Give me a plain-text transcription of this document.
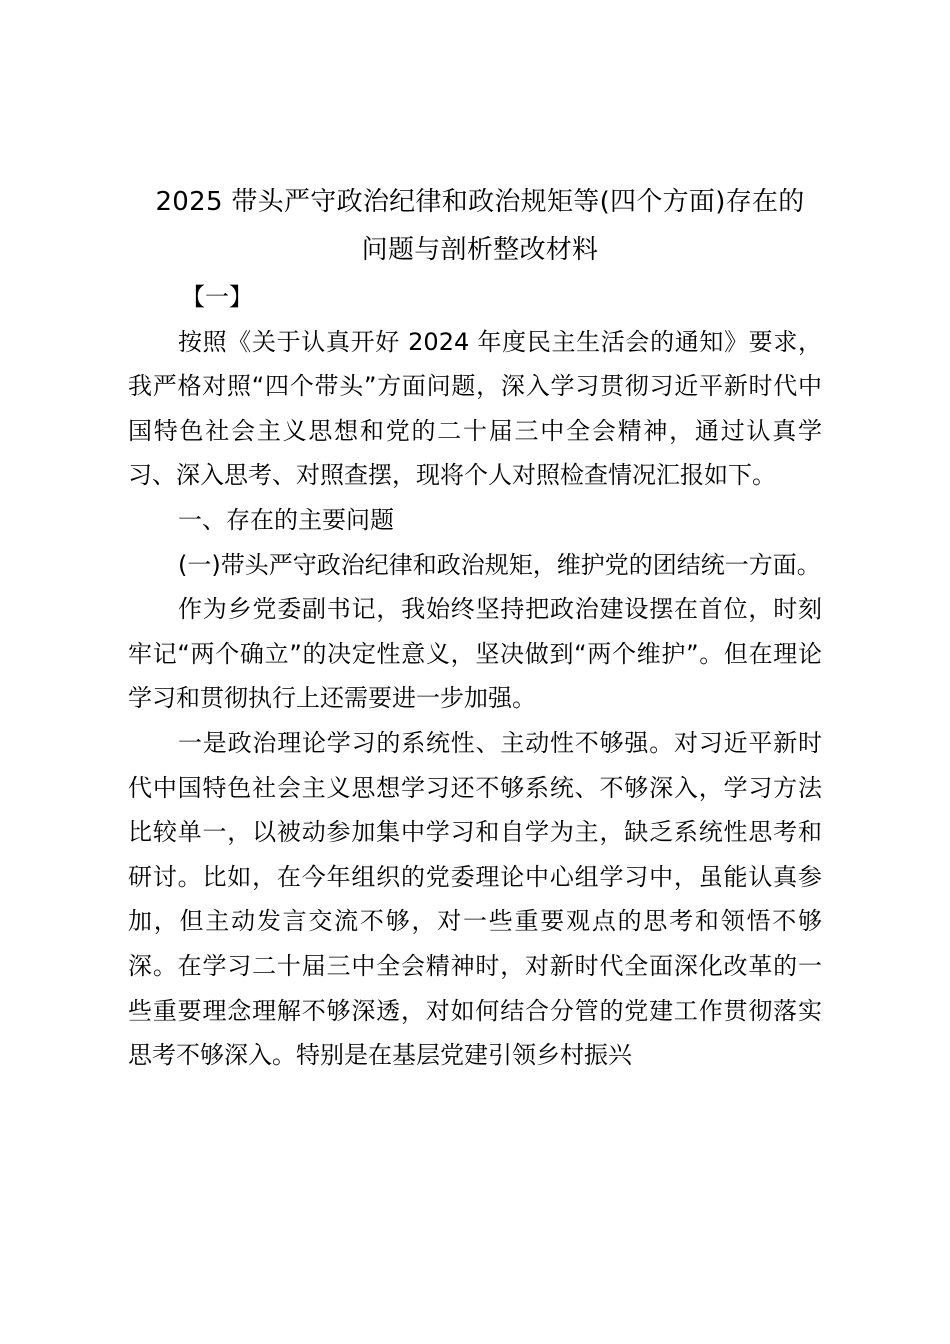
2025 带头严守政治纪律和政治规矩等(四个方面)存在的
问题与剖析整改材料

【一】

按照《关于认真开好 2024 年度民主生活会的通知》要求，我严格对照“四个带头”方面问题，深入学习贯彻习近平新时代中国特色社会主义思想和党的二十届三中全会精神，通过认真学习、深入思考、对照查摆，现将个人对照检查情况汇报如下。

一、存在的主要问题

(一)带头严守政治纪律和政治规矩，维护党的团结统一方面。

作为乡党委副书记，我始终坚持把政治建设摆在首位，时刻牢记“两个确立”的决定性意义，坚决做到“两个维护”。但在理论学习和贯彻执行上还需要进一步加强。

一是政治理论学习的系统性、主动性不够强。对习近平新时代中国特色社会主义思想学习还不够系统、不够深入，学习方法比较单一，以被动参加集中学习和自学为主，缺乏系统性思考和研讨。比如，在今年组织的党委理论中心组学习中，虽能认真参加，但主动发言交流不够，对一些重要观点的思考和领悟不够深。在学习二十届三中全会精神时，对新时代全面深化改革的一些重要理念理解不够深透，对如何结合分管的党建工作贯彻落实思考不够深入。特别是在基层党建引领乡村振兴
